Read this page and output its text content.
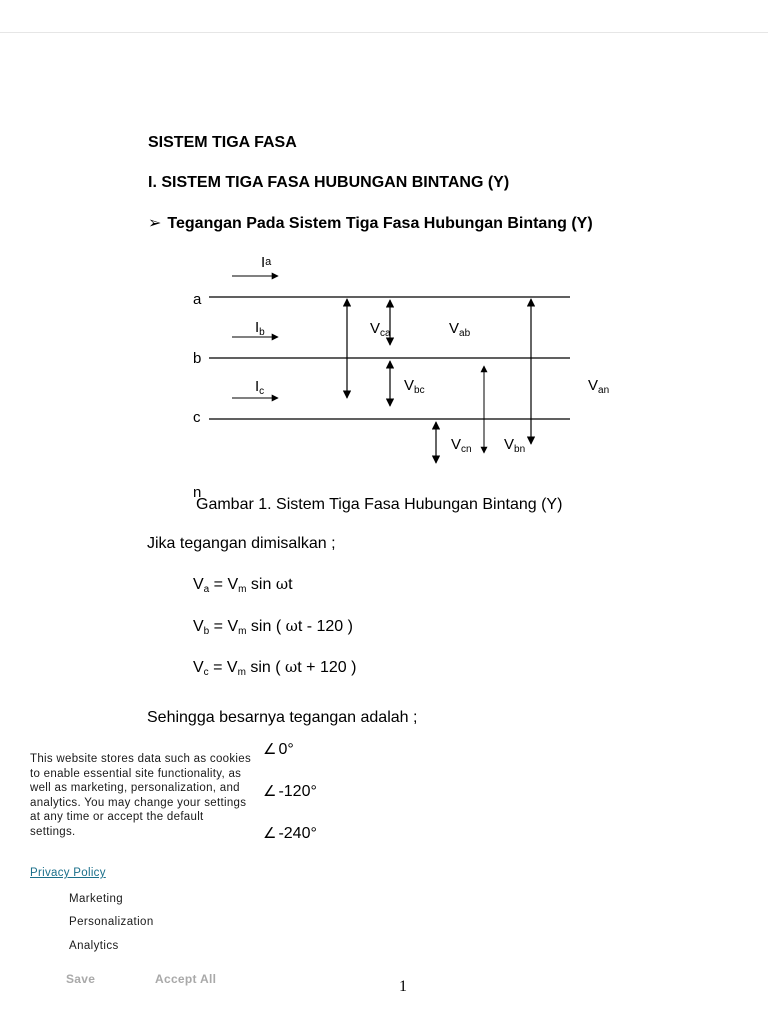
SISTEM TIGA FASA
I. SISTEM TIGA FASA HUBUNGAN BINTANG (Y)
➢ Tegangan Pada Sistem Tiga Fasa Hubungan Bintang (Y)
a
b
c
n
Ia
$I_b$
$I_c$
$V_{ca}$	$V_{ab}$
$V_{bc}$	$V_{an}$
$V_{cn}$ $V_{bn}$
Gambar 1. Sistem Tiga Fasa Hubungan Bintang (Y)
Jika tegangan dimisalkan ;
$V_a = V_m$ sin ωt
$V_b = V_m$ sin ( ωt - 120 )
$V_c = V_m$ sin ( ωt + 120 )
Sehingga besarnya tegangan adalah ;
∠ 0°
∠ -120°
∠ -240°
This website stores data such as cookies to enable essential site functionality, as well as marketing, personalization, and analytics. You may change your settings at any time or accept the default settings.
Privacy Policy
Marketing
Personalization
Analytics
Save	Accept All	1
